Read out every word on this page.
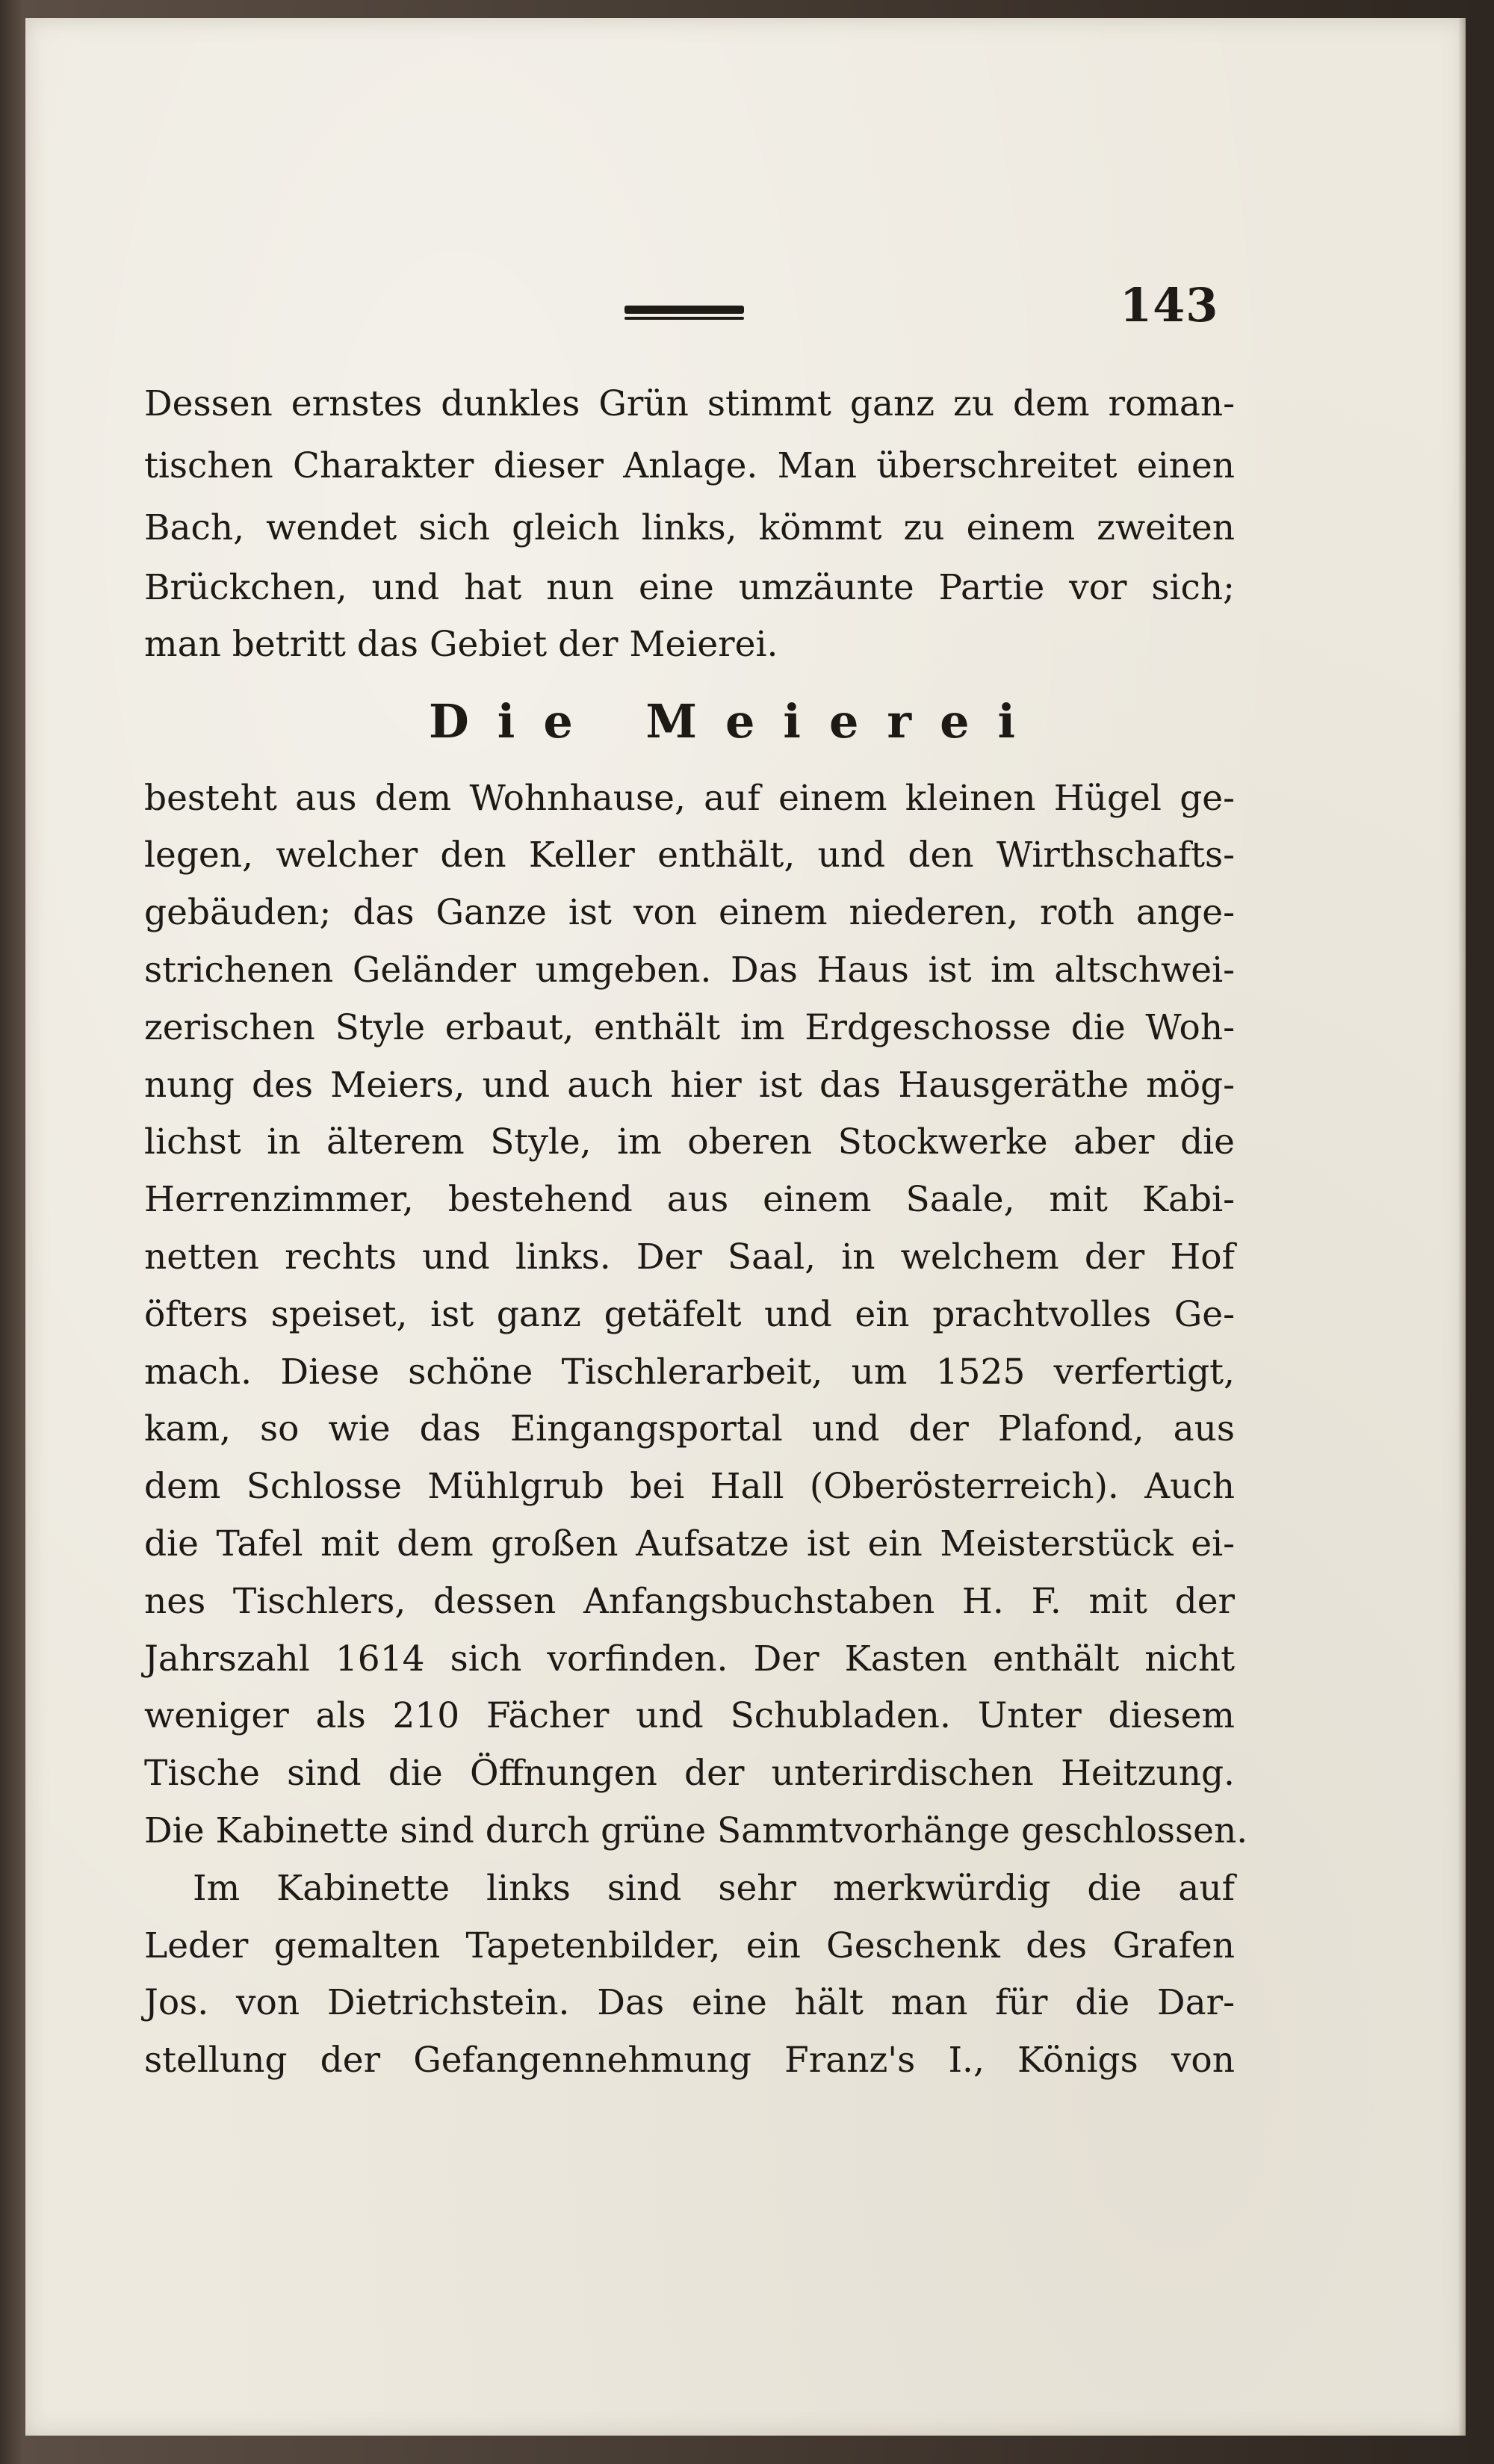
143
Dessen ernstes dunkles Grün stimmt ganz zu dem roman-
tischen Charakter dieser Anlage. Man überschreitet einen
Bach, wendet sich gleich links, kömmt zu einem zweiten
Brückchen, und hat nun eine umzäunte Partie vor sich;
man betritt das Gebiet der Meierei.
Die Meierei
besteht aus dem Wohnhause, auf einem kleinen Hügel ge-
legen, welcher den Keller enthält, und den Wirthschafts-
gebäuden; das Ganze ist von einem niederen, roth ange-
strichenen Geländer umgeben. Das Haus ist im altschwei-
zerischen Style erbaut, enthält im Erdgeschosse die Woh-
nung des Meiers, und auch hier ist das Hausgeräthe mög-
lichst in älterem Style, im oberen Stockwerke aber die
Herrenzimmer, bestehend aus einem Saale, mit Kabi-
netten rechts und links. Der Saal, in welchem der Hof
öfters speiset, ist ganz getäfelt und ein prachtvolles Ge-
mach. Diese schöne Tischlerarbeit, um 1525 verfertigt,
kam, so wie das Eingangsportal und der Plafond, aus
dem Schlosse Mühlgrub bei Hall (Oberösterreich). Auch
die Tafel mit dem großen Aufsatze ist ein Meisterstück ei-
nes Tischlers, dessen Anfangsbuchstaben H. F. mit der
Jahrszahl 1614 sich vorfinden. Der Kasten enthält nicht
weniger als 210 Fächer und Schubladen. Unter diesem
Tische sind die Öffnungen der unterirdischen Heitzung.
Die Kabinette sind durch grüne Sammtvorhänge geschlossen.
Im Kabinette links sind sehr merkwürdig die auf
Leder gemalten Tapetenbilder, ein Geschenk des Grafen
Jos. von Dietrichstein. Das eine hält man für die Dar-
stellung der Gefangennehmung Franz's I., Königs von
